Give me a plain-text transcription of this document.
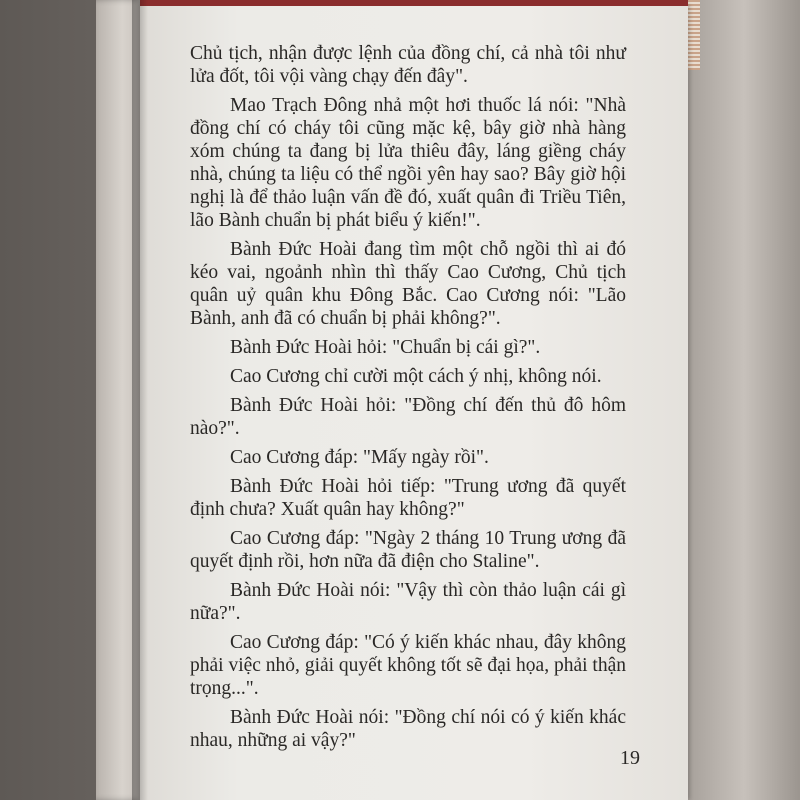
Chủ tịch, nhận được lệnh của đồng chí, cả nhà tôi như lửa đốt, tôi vội vàng chạy đến đây".

Mao Trạch Đông nhả một hơi thuốc lá nói: "Nhà đồng chí có cháy tôi cũng mặc kệ, bây giờ nhà hàng xóm chúng ta đang bị lửa thiêu đây, láng giềng cháy nhà, chúng ta liệu có thể ngồi yên hay sao? Bây giờ hội nghị là để thảo luận vấn đề đó, xuất quân đi Triều Tiên, lão Bành chuẩn bị phát biểu ý kiến!".

Bành Đức Hoài đang tìm một chỗ ngồi thì ai đó kéo vai, ngoảnh nhìn thì thấy Cao Cương, Chủ tịch quân uỷ quân khu Đông Bắc. Cao Cương nói: "Lão Bành, anh đã có chuẩn bị phải không?".

Bành Đức Hoài hỏi: "Chuẩn bị cái gì?".

Cao Cương chỉ cười một cách ý nhị, không nói.

Bành Đức Hoài hỏi: "Đồng chí đến thủ đô hôm nào?".

Cao Cương đáp: "Mấy ngày rồi".

Bành Đức Hoài hỏi tiếp: "Trung ương đã quyết định chưa? Xuất quân hay không?"

Cao Cương đáp: "Ngày 2 tháng 10 Trung ương đã quyết định rồi, hơn nữa đã điện cho Staline".

Bành Đức Hoài nói: "Vậy thì còn thảo luận cái gì nữa?".

Cao Cương đáp: "Có ý kiến khác nhau, đây không phải việc nhỏ, giải quyết không tốt sẽ đại họa, phải thận trọng...".

Bành Đức Hoài nói: "Đồng chí nói có ý kiến khác nhau, những ai vậy?"

19
